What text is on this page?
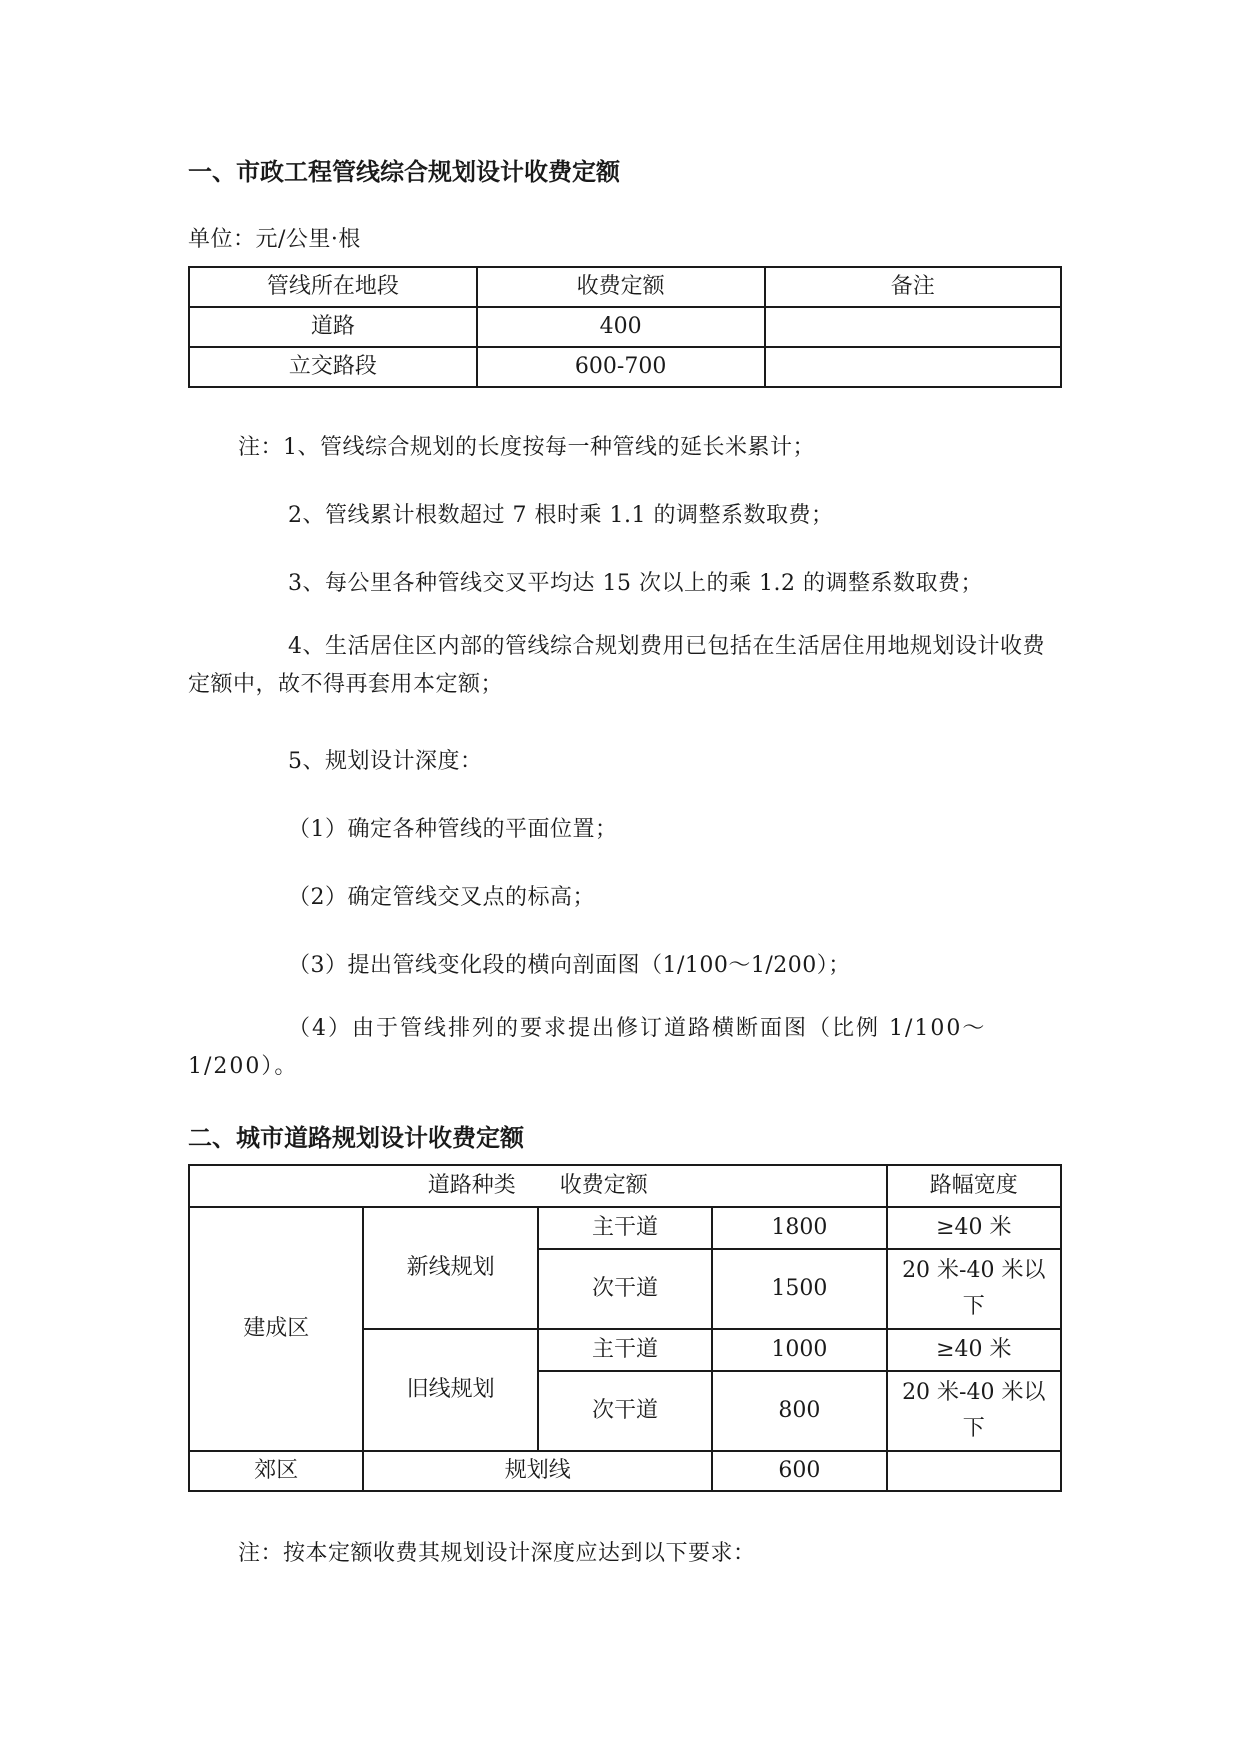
一、市政工程管线综合规划设计收费定额
单位：元/公里·根
管线所在地段	收费定额	备注
道路	400	
立交路段	600-700	
注：1、管线综合规划的长度按每一种管线的延长米累计；
2、管线累计根数超过 7 根时乘 1.1 的调整系数取费；
3、每公里各种管线交叉平均达 15 次以上的乘 1.2 的调整系数取费；
4、生活居住区内部的管线综合规划费用已包括在生活居住用地规划设计收费定额中，故不得再套用本定额；
5、规划设计深度：
（1）确定各种管线的平面位置；
（2）确定管线交叉点的标高；
（3）提出管线变化段的横向剖面图（1/100～1/200）；
（4）由于管线排列的要求提出修订道路横断面图（比例 1/100～1/200）。
二、城市道路规划设计收费定额
道路种类　　收费定额				路幅宽度
建成区	新线规划	主干道	1800	≥40 米
		次干道	1500	20 米-40 米以下
	旧线规划	主干道	1000	≥40 米
		次干道	800	20 米-40 米以下
郊区	规划线		600	
注：按本定额收费其规划设计深度应达到以下要求：
